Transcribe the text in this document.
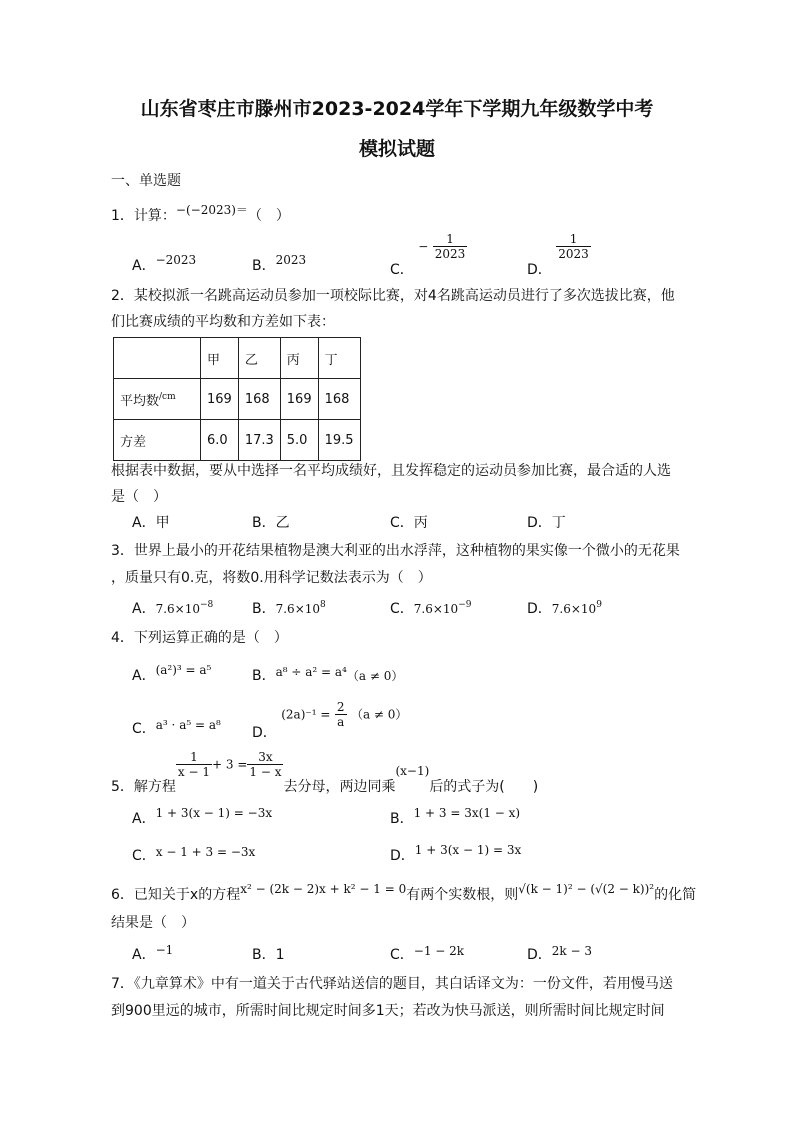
山东省枣庄市滕州市2023-2024学年下学期九年级数学中考
模拟试题
一、单选题
1．计算：−(−2023)＝（　）
A．−2023	B．2023
C． − $\frac{1}{2023}$
D．
$\frac{1}{2023}$
2．某校拟派一名跳高运动员参加一项校际比赛，对4名跳高运动员进行了多次选拔比赛，他
们比赛成绩的平均数和方差如下表：
	甲	乙	丙	丁
平均数$^{/cm}$	169	168	169	168
方差	6.0	17.3	5.0	19.5
根据表中数据，要从中选择一名平均成绩好，且发挥稳定的运动员参加比赛，最合适的人选
是（　）
A．甲	B．乙	C．丙	D．丁
3．世界上最小的开花结果植物是澳大利亚的出水浮萍，这种植物的果实像一个微小的无花果
，质量只有0.克，将数0.用科学记数法表示为（　）
A．$7.6\times 10^{-8}$	B．$7.6\times 10^8$	C．$7.6\times 10^{-9}$	D．$7.6\times 10^9$
4．下列运算正确的是（　）
A．(a²)³ = a⁵	B．a⁸ ÷ a² = a⁴（a ≠ 0）
C．a³ · a⁵ = a⁸ D． $(2a)^{-1} = \frac{2}{a} (a \ne 0)$
5．解方程
$\frac{1}{x - 1} + 3 = \frac{3x}{1 - x}$
去分母，两边同乘(x−1)后的式子为(　　)
A．1 + 3(x − 1) = −3x	B．1 + 3 = 3x(1 − x)
C．x − 1 + 3 = −3x	D．1 + 3(x − 1) = 3x
6．已知关于x的方程x² − (2k − 2)x + k² − 1 = 0有两个实数根，则√(k − 1)² − (√(2 − k))²的化简
结果是（　）
A．−1	B．1	C．−1 − 2k	D．2k − 3
7．《九章算术》中有一道关于古代驿站送信的题目，其白话译文为：一份文件，若用慢马送
到900里远的城市，所需时间比规定时间多1天；若改为快马派送，则所需时间比规定时间
